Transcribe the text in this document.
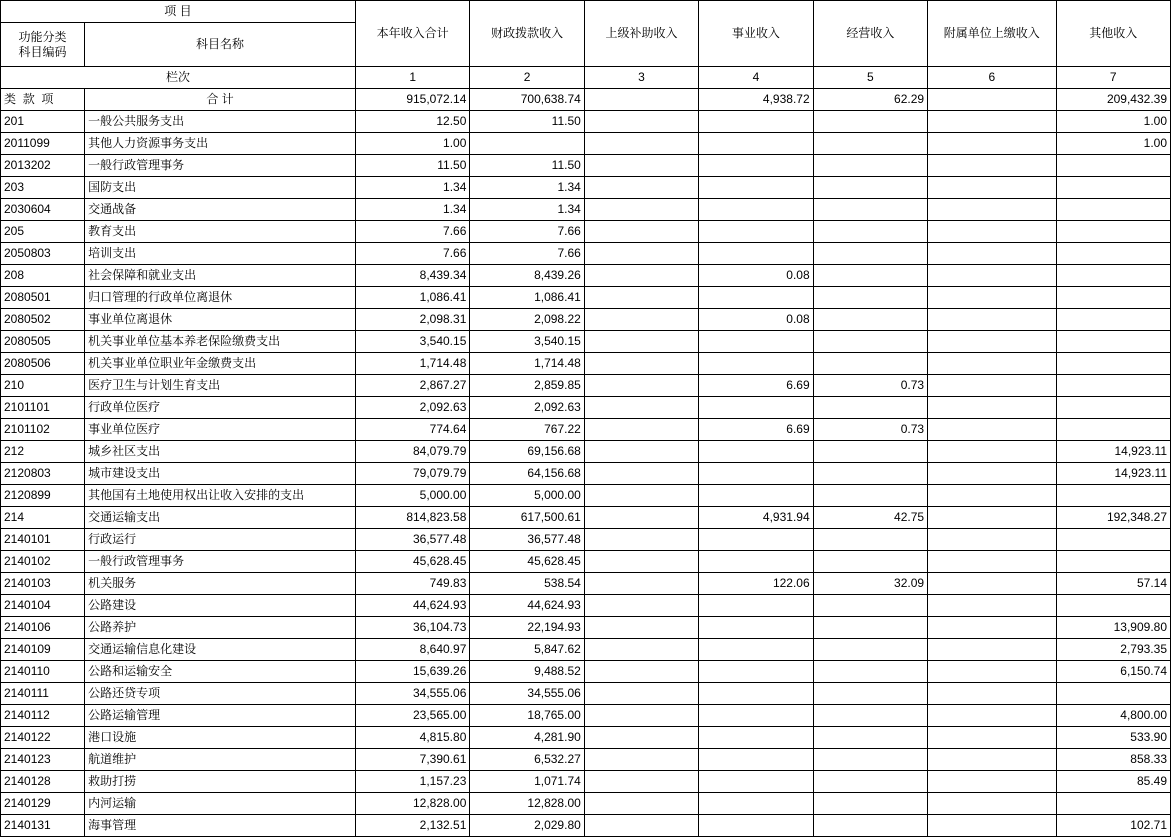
项 目		本年收入合计	财政拨款收入	上级补助收入	事业收入	经营收入	附属单位上缴收入	其他收入

功能分类
科目编码	科目名称							
栏次		1	2	3	4	5	6	7
类 款 项	合 计	915,072.14	700,638.74		4,938.72	62.29		209,432.39
201	一般公共服务支出	12.50	11.50					1.00
2011099	其他人力资源事务支出	1.00						1.00
2013202	一般行政管理事务	11.50	11.50					
203	国防支出	1.34	1.34					
2030604	交通战备	1.34	1.34					
205	教育支出	7.66	7.66					
2050803	培训支出	7.66	7.66					
208	社会保障和就业支出	8,439.34	8,439.26		0.08			
2080501	归口管理的行政单位离退休	1,086.41	1,086.41					
2080502	事业单位离退休	2,098.31	2,098.22		0.08			
2080505	机关事业单位基本养老保险缴费支出	3,540.15	3,540.15					
2080506	机关事业单位职业年金缴费支出	1,714.48	1,714.48					
210	医疗卫生与计划生育支出	2,867.27	2,859.85		6.69	0.73		
2101101	行政单位医疗	2,092.63	2,092.63					
2101102	事业单位医疗	774.64	767.22		6.69	0.73		
212	城乡社区支出	84,079.79	69,156.68					14,923.11
2120803	城市建设支出	79,079.79	64,156.68					14,923.11
2120899	其他国有土地使用权出让收入安排的支出	5,000.00	5,000.00					
214	交通运输支出	814,823.58	617,500.61		4,931.94	42.75		192,348.27
2140101	行政运行	36,577.48	36,577.48					
2140102	一般行政管理事务	45,628.45	45,628.45					
2140103	机关服务	749.83	538.54		122.06	32.09		57.14
2140104	公路建设	44,624.93	44,624.93					
2140106	公路养护	36,104.73	22,194.93					13,909.80
2140109	交通运输信息化建设	8,640.97	5,847.62					2,793.35
2140110	公路和运输安全	15,639.26	9,488.52					6,150.74
2140111	公路还贷专项	34,555.06	34,555.06					
2140112	公路运输管理	23,565.00	18,765.00					4,800.00
2140122	港口设施	4,815.80	4,281.90					533.90
2140123	航道维护	7,390.61	6,532.27					858.33
2140128	救助打捞	1,157.23	1,071.74					85.49
2140129	内河运输	12,828.00	12,828.00					
2140131	海事管理	2,132.51	2,029.80					102.71
